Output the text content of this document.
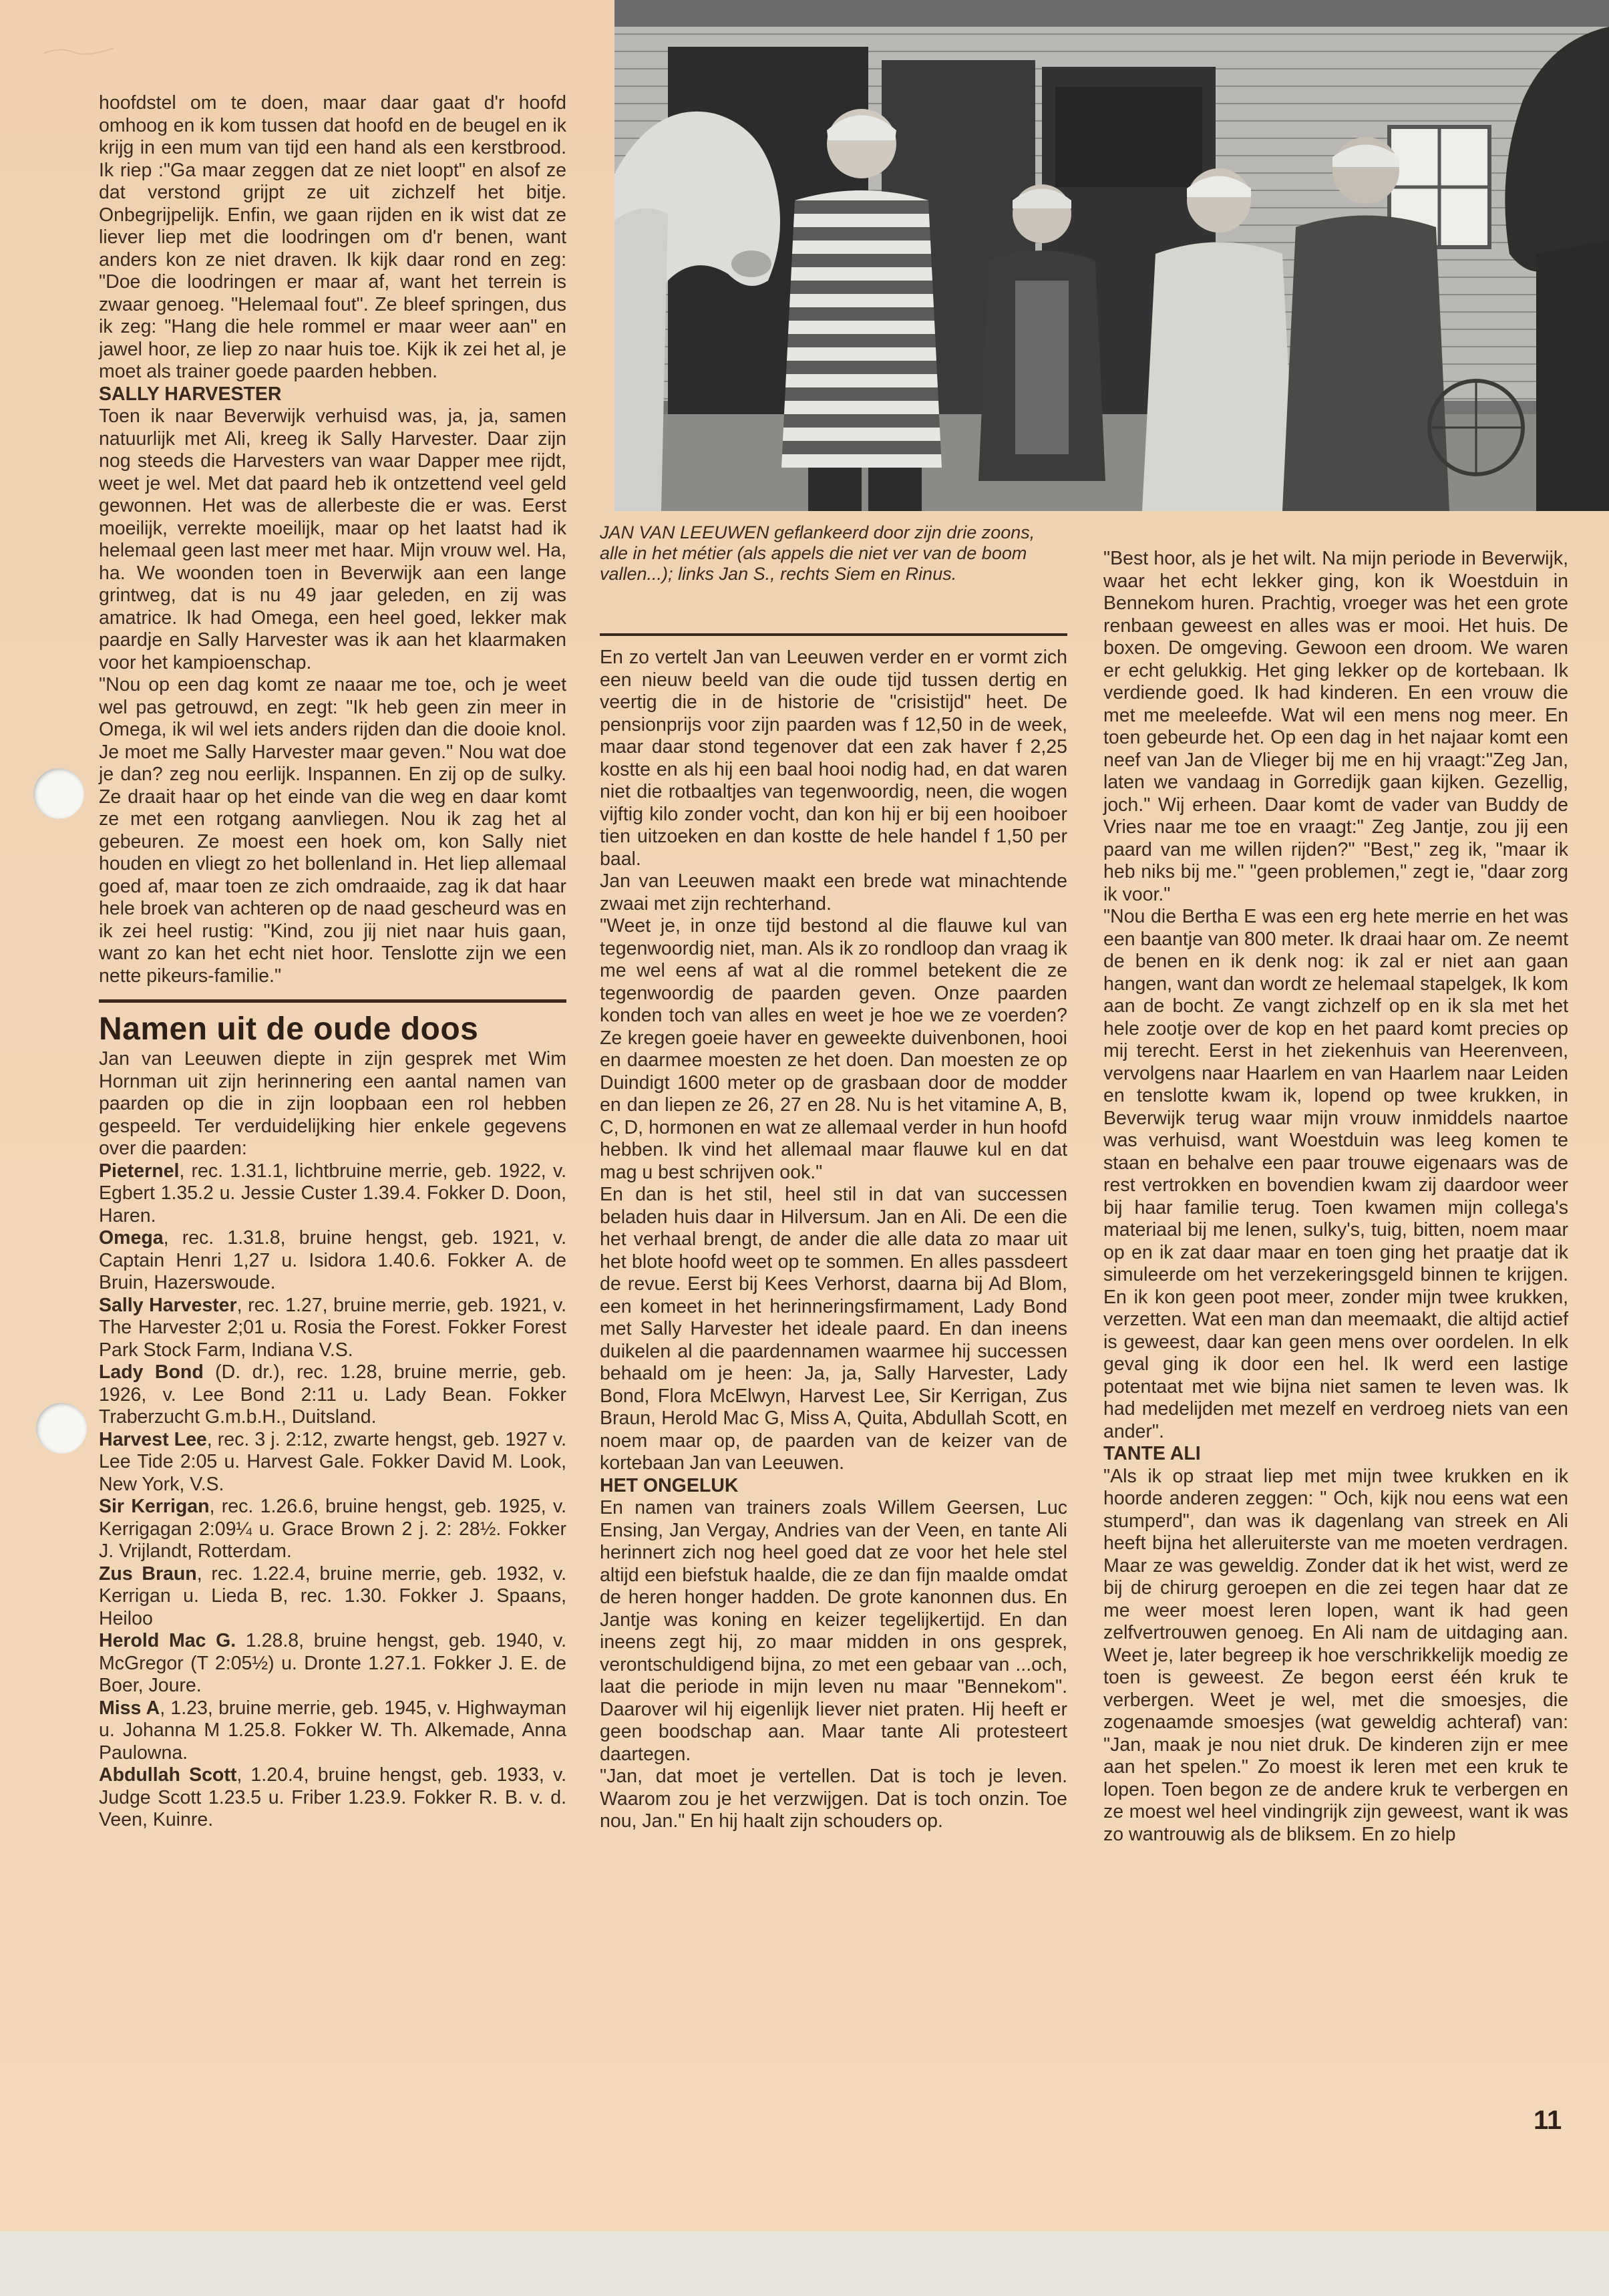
hoofdstel om te doen, maar daar gaat d'r hoofd omhoog en ik kom tussen dat hoofd en de beugel en ik krijg in een mum van tijd een hand als een kerstbrood. Ik riep :"Ga maar zeggen dat ze niet loopt" en alsof ze dat verstond grijpt ze uit zichzelf het bitje. Onbegrijpelijk. Enfin, we gaan rijden en ik wist dat ze liever liep met die loodringen om d'r benen, want anders kon ze niet draven. Ik kijk daar rond en zeg: "Doe die loodringen er maar af, want het terrein is zwaar genoeg. "Helemaal fout". Ze bleef springen, dus ik zeg: "Hang die hele rommel er maar weer aan" en jawel hoor, ze liep zo naar huis toe. Kijk ik zei het al, je moet als trainer goede paarden hebben.

SALLY HARVESTER

Toen ik naar Beverwijk verhuisd was, ja, ja, samen natuurlijk met Ali, kreeg ik Sally Harvester. Daar zijn nog steeds die Harvesters van waar Dapper mee rijdt, weet je wel. Met dat paard heb ik ontzettend veel geld gewonnen. Het was de allerbeste die er was. Eerst moeilijk, verrekte moeilijk, maar op het laatst had ik helemaal geen last meer met haar. Mijn vrouw wel. Ha, ha. We woonden toen in Beverwijk aan een lange grintweg, dat is nu 49 jaar geleden, en zij was amatrice. Ik had Omega, een heel goed, lekker mak paardje en Sally Harvester was ik aan het klaarmaken voor het kampioenschap.

"Nou op een dag komt ze naaar me toe, och je weet wel pas getrouwd, en zegt: "Ik heb geen zin meer in Omega, ik wil wel iets anders rijden dan die dooie knol. Je moet me Sally Harvester maar geven." Nou wat doe je dan? zeg nou eerlijk. Inspannen. En zij op de sulky. Ze draait haar op het einde van die weg en daar komt ze met een rotgang aanvliegen. Nou ik zag het al gebeuren. Ze moest een hoek om, kon Sally niet houden en vliegt zo het bollenland in. Het liep allemaal goed af, maar toen ze zich omdraaide, zag ik dat haar hele broek van achteren op de naad gescheurd was en ik zei heel rustig: "Kind, zou jij niet naar huis gaan, want zo kan het echt niet hoor. Tenslotte zijn we een nette pikeurs-familie."

Namen uit de oude doos

Jan van Leeuwen diepte in zijn gesprek met Wim Hornman uit zijn herinnering een aantal namen van paarden op die in zijn loopbaan een rol hebben gespeeld. Ter verduidelijking hier enkele gegevens over die paarden:

Pieternel, rec. 1.31.1, lichtbruine merrie, geb. 1922, v. Egbert 1.35.2 u. Jessie Custer 1.39.4. Fokker D. Doon, Haren.

Omega, rec. 1.31.8, bruine hengst, geb. 1921, v. Captain Henri 1,27 u. Isidora 1.40.6. Fokker A. de Bruin, Hazerswoude.

Sally Harvester, rec. 1.27, bruine merrie, geb. 1921, v. The Harvester 2;01 u. Rosia the Forest. Fokker Forest Park Stock Farm, Indiana V.S.

Lady Bond (D. dr.), rec. 1.28, bruine merrie, geb. 1926, v. Lee Bond 2:11 u. Lady Bean. Fokker Traberzucht G.m.b.H., Duitsland.

Harvest Lee, rec. 3 j. 2:12, zwarte hengst, geb. 1927 v. Lee Tide 2:05 u. Harvest Gale. Fokker David M. Look, New York, V.S.

Sir Kerrigan, rec. 1.26.6, bruine hengst, geb. 1925, v. Kerrigagan 2:09¼ u. Grace Brown 2 j. 2: 28½. Fokker J. Vrijlandt, Rotterdam.

Zus Braun, rec. 1.22.4, bruine merrie, geb. 1932, v. Kerrigan u. Lieda B, rec. 1.30. Fokker J. Spaans, Heiloo

Herold Mac G. 1.28.8, bruine hengst, geb. 1940, v. McGregor (T 2:05½) u. Dronte 1.27.1. Fokker J. E. de Boer, Joure.

Miss A, 1.23, bruine merrie, geb. 1945, v. Highwayman u. Johanna M 1.25.8. Fokker W. Th. Alkemade, Anna Paulowna.

Abdullah Scott, 1.20.4, bruine hengst, geb. 1933, v. Judge Scott 1.23.5 u. Friber 1.23.9. Fokker R. B. v. d. Veen, Kuinre.

JAN VAN LEEUWEN geflankeerd door zijn drie zoons, alle in het métier (als appels die niet ver van de boom vallen...); links Jan S., rechts Siem en Rinus.

En zo vertelt Jan van Leeuwen verder en er vormt zich een nieuw beeld van die oude tijd tussen dertig en veertig die in de historie de "crisistijd" heet. De pensionprijs voor zijn paarden was f 12,50 in de week, maar daar stond tegenover dat een zak haver f 2,25 kostte en als hij een baal hooi nodig had, en dat waren niet die rotbaaltjes van tegenwoordig, neen, die wogen vijftig kilo zonder vocht, dan kon hij er bij een hooiboer tien uitzoeken en dan kostte de hele handel f 1,50 per baal.

Jan van Leeuwen maakt een brede wat minachtende zwaai met zijn rechterhand.

"Weet je, in onze tijd bestond al die flauwe kul van tegenwoordig niet, man. Als ik zo rondloop dan vraag ik me wel eens af wat al die rommel betekent die ze tegenwoordig de paarden geven. Onze paarden konden toch van alles en weet je hoe we ze voerden? Ze kregen goeie haver en geweekte duivenbonen, hooi en daarmee moesten ze het doen. Dan moesten ze op Duindigt 1600 meter op de grasbaan door de modder en dan liepen ze 26, 27 en 28. Nu is het vitamine A, B, C, D, hormonen en wat ze allemaal verder in hun hoofd hebben. Ik vind het allemaal maar flauwe kul en dat mag u best schrijven ook."

En dan is het stil, heel stil in dat van successen beladen huis daar in Hilversum. Jan en Ali. De een die het verhaal brengt, de ander die alle data zo maar uit het blote hoofd weet op te sommen. En alles passdeert de revue. Eerst bij Kees Verhorst, daarna bij Ad Blom, een komeet in het herinneringsfirmament, Lady Bond met Sally Harvester het ideale paard. En dan ineens duikelen al die paardennamen waarmee hij successen behaald om je heen: Ja, ja, Sally Harvester, Lady Bond, Flora McElwyn, Harvest Lee, Sir Kerrigan, Zus Braun, Herold Mac G, Miss A, Quita, Abdullah Scott, en noem maar op, de paarden van de keizer van de kortebaan Jan van Leeuwen.

HET ONGELUK

En namen van trainers zoals Willem Geersen, Luc Ensing, Jan Vergay, Andries van der Veen, en tante Ali herinnert zich nog heel goed dat ze voor het hele stel altijd een biefstuk haalde, die ze dan fijn maalde omdat de heren honger hadden. De grote kanonnen dus. En Jantje was koning en keizer tegelijkertijd. En dan ineens zegt hij, zo maar midden in ons gesprek, verontschuldigend bijna, zo met een gebaar van ...och, laat die periode in mijn leven nu maar "Bennekom". Daarover wil hij eigenlijk liever niet praten. Hij heeft er geen boodschap aan. Maar tante Ali protesteert daartegen.

"Jan, dat moet je vertellen. Dat is toch je leven. Waarom zou je het verzwijgen. Dat is toch onzin. Toe nou, Jan." En hij haalt zijn schouders op.

"Best hoor, als je het wilt. Na mijn periode in Beverwijk, waar het echt lekker ging, kon ik Woestduin in Bennekom huren. Prachtig, vroeger was het een grote renbaan geweest en alles was er mooi. Het huis. De boxen. De omgeving. Gewoon een droom. We waren er echt gelukkig. Het ging lekker op de kortebaan. Ik verdiende goed. Ik had kinderen. En een vrouw die met me meeleefde. Wat wil een mens nog meer. En toen gebeurde het. Op een dag in het najaar komt een neef van Jan de Vlieger bij me en hij vraagt:"Zeg Jan, laten we vandaag in Gorredijk gaan kijken. Gezellig, joch." Wij erheen. Daar komt de vader van Buddy de Vries naar me toe en vraagt:" Zeg Jantje, zou jij een paard van me willen rijden?" "Best," zeg ik, "maar ik heb niks bij me." "geen problemen," zegt ie, "daar zorg ik voor."

"Nou die Bertha E was een erg hete merrie en het was een baantje van 800 meter. Ik draai haar om. Ze neemt de benen en ik denk nog: ik zal er niet aan gaan hangen, want dan wordt ze helemaal stapelgek, Ik kom aan de bocht. Ze vangt zichzelf op en ik sla met het hele zootje over de kop en het paard komt precies op mij terecht. Eerst in het ziekenhuis van Heerenveen, vervolgens naar Haarlem en van Haarlem naar Leiden en tenslotte kwam ik, lopend op twee krukken, in Beverwijk terug waar mijn vrouw inmiddels naartoe was verhuisd, want Woestduin was leeg komen te staan en behalve een paar trouwe eigenaars was de rest vertrokken en bovendien kwam zij daardoor weer bij haar familie terug. Toen kwamen mijn collega's materiaal bij me lenen, sulky's, tuig, bitten, noem maar op en ik zat daar maar en toen ging het praatje dat ik simuleerde om het verzekeringsgeld binnen te krijgen. En ik kon geen poot meer, zonder mijn twee krukken, verzetten. Wat een man dan meemaakt, die altijd actief is geweest, daar kan geen mens over oordelen. In elk geval ging ik door een hel. Ik werd een lastige potentaat met wie bijna niet samen te leven was. Ik had medelijden met mezelf en verdroeg niets van een ander".

TANTE ALI

"Als ik op straat liep met mijn twee krukken en ik hoorde anderen zeggen: " Och, kijk nou eens wat een stumperd", dan was ik dagenlang van streek en Ali heeft bijna het alleruiterste van me moeten verdragen. Maar ze was geweldig. Zonder dat ik het wist, werd ze bij de chirurg geroepen en die zei tegen haar dat ze me weer moest leren lopen, want ik had geen zelfvertrouwen genoeg. En Ali nam de uitdaging aan. Weet je, later begreep ik hoe verschrikkelijk moedig ze toen is geweest. Ze begon eerst één kruk te verbergen. Weet je wel, met die smoesjes, die zogenaamde smoesjes (wat geweldig achteraf) van: "Jan, maak je nou niet druk. De kinderen zijn er mee aan het spelen." Zo moest ik leren met een kruk te lopen. Toen begon ze de andere kruk te verbergen en ze moest wel heel vindingrijk zijn geweest, want ik was zo wantrouwig als de bliksem. En zo hielp

11
